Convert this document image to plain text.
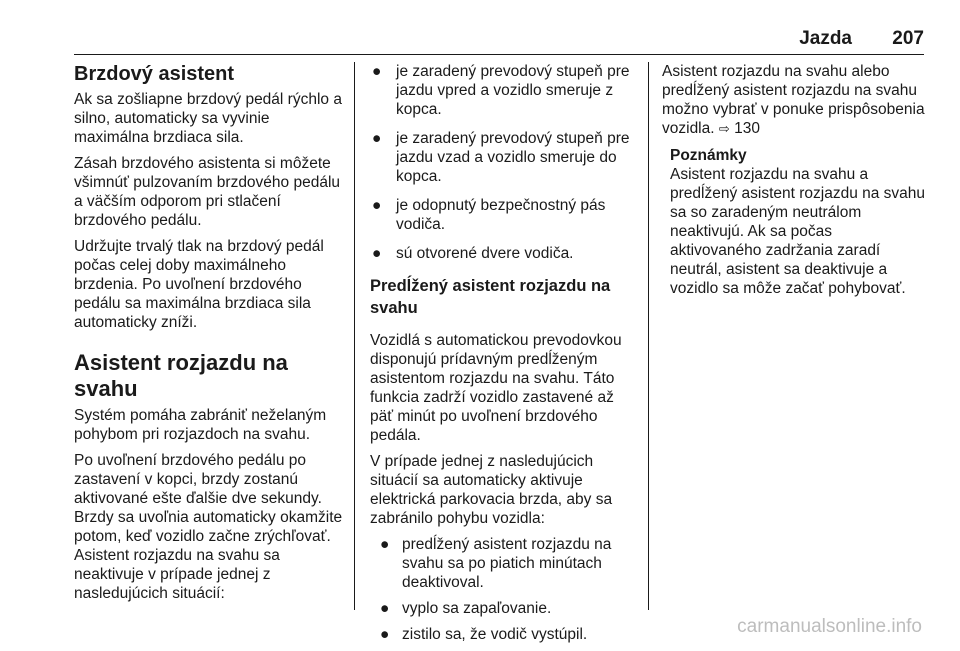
Jazda 207
Brzdový asistent

Ak sa zošliapne brzdový pedál rýchlo a silno, automaticky sa vyvinie maximálna brzdiaca sila.

Zásah brzdového asistenta si môžete všimnúť pulzovaním brzdového pedálu a väčším odporom pri stlačení brzdového pedálu.

Udržujte trvalý tlak na brzdový pedál počas celej doby maximálneho brzdenia. Po uvoľnení brzdového pedálu sa maximálna brzdiaca sila automaticky zníži.

Asistent rozjazdu na svahu

Systém pomáha zabrániť neželaným pohybom pri rozjazdoch na svahu.

Po uvoľnení brzdového pedálu po zastavení v kopci, brzdy zostanú aktivované ešte ďalšie dve sekundy. Brzdy sa uvoľnia automaticky okamžite potom, keď vozidlo začne zrýchľovať. Asistent rozjazdu na svahu sa neaktivuje v prípade jednej z nasledujúcich situácií:

● je zaradený prevodový stupeň pre jazdu vpred a vozidlo smeruje z kopca.
● je zaradený prevodový stupeň pre jazdu vzad a vozidlo smeruje do kopca.
● je odopnutý bezpečnostný pás vodiča.
● sú otvorené dvere vodiča.
Predĺžený asistent rozjazdu na svahu

Vozidlá s automatickou prevodovkou disponujú prídavným predĺženým asistentom rozjazdu na svahu. Táto funkcia zadrží vozidlo zastavené až päť minút po uvoľnení brzdového pedála.

V prípade jednej z nasledujúcich situácií sa automaticky aktivuje elektrická parkovacia brzda, aby sa zabránilo pohybu vozidla:

● predĺžený asistent rozjazdu na svahu sa po piatich minútach deaktivoval.
● vyplo sa zapaľovanie.
● zistilo sa, že vodič vystúpil.

Asistent rozjazdu na svahu alebo predĺžený asistent rozjazdu na svahu možno vybrať v ponuke prispôsobenia vozidla. ⇨ 130

Poznámky
Asistent rozjazdu na svahu a predĺžený asistent rozjazdu na svahu sa so zaradeným neutrálom neaktivujú. Ak sa počas aktivovaného zadržania zaradí neutrál, asistent sa deaktivuje a vozidlo sa môže začať pohybovať.
carmanualsonline.info
